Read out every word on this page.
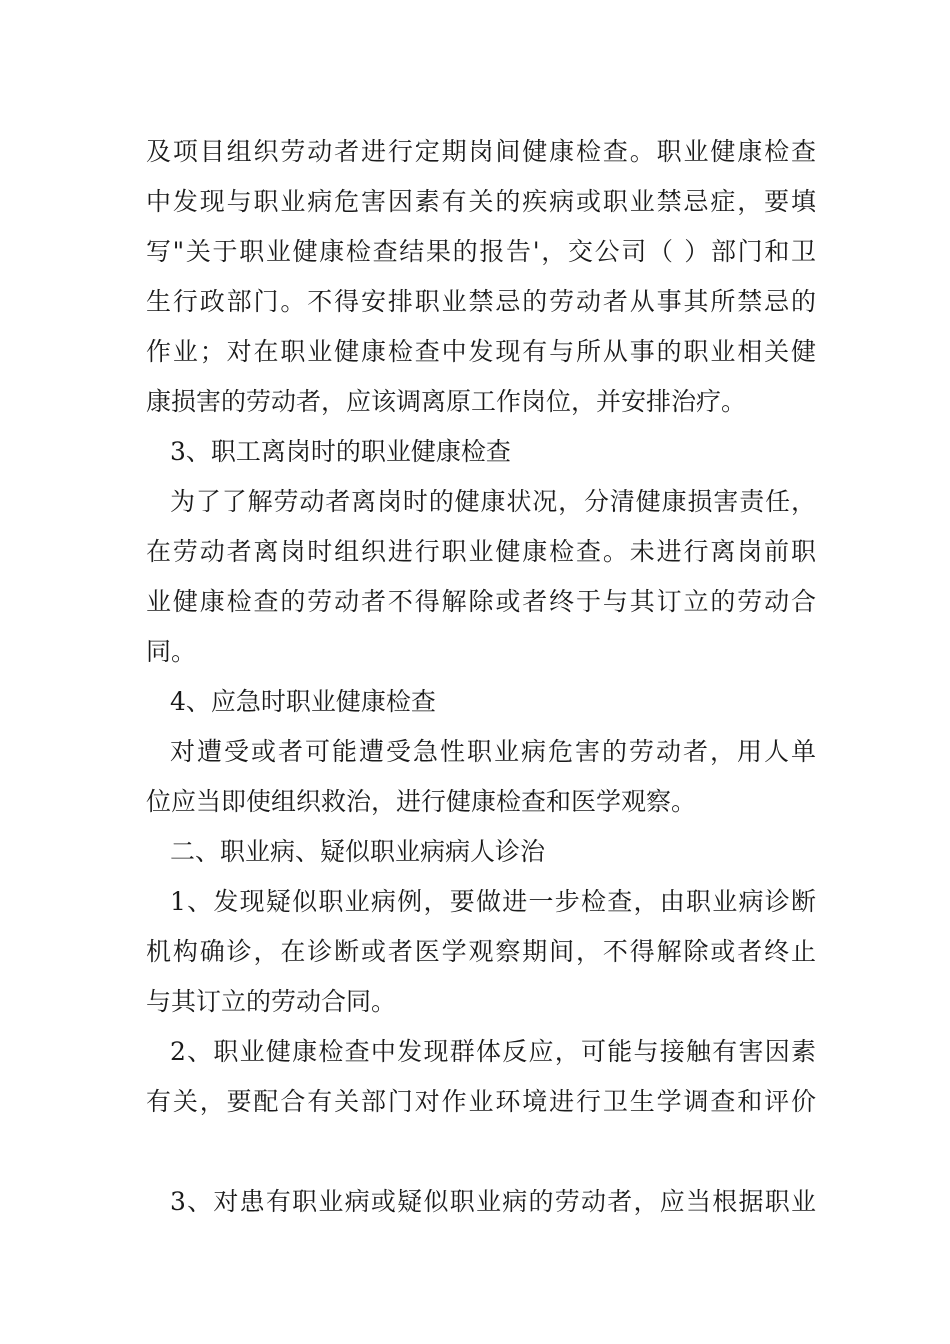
及项目组织劳动者进行定期岗间健康检查。职业健康检查
中发现与职业病危害因素有关的疾病或职业禁忌症，要填
写"关于职业健康检查结果的报告'，交公司（ ）部门和卫
生行政部门。不得安排职业禁忌的劳动者从事其所禁忌的
作业；对在职业健康检查中发现有与所从事的职业相关健
康损害的劳动者，应该调离原工作岗位，并安排治疗。
3、职工离岗时的职业健康检查
为了了解劳动者离岗时的健康状况，分清健康损害责任，
在劳动者离岗时组织进行职业健康检查。未进行离岗前职
业健康检查的劳动者不得解除或者终于与其订立的劳动合
同。
4、应急时职业健康检查
对遭受或者可能遭受急性职业病危害的劳动者，用人单
位应当即使组织救治，进行健康检查和医学观察。
二、职业病、疑似职业病病人诊治
1、发现疑似职业病例，要做进一步检查，由职业病诊断
机构确诊，在诊断或者医学观察期间，不得解除或者终止
与其订立的劳动合同。
2、职业健康检查中发现群体反应，可能与接触有害因素
有关，要配合有关部门对作业环境进行卫生学调查和评价
3、对患有职业病或疑似职业病的劳动者，应当根据职业
